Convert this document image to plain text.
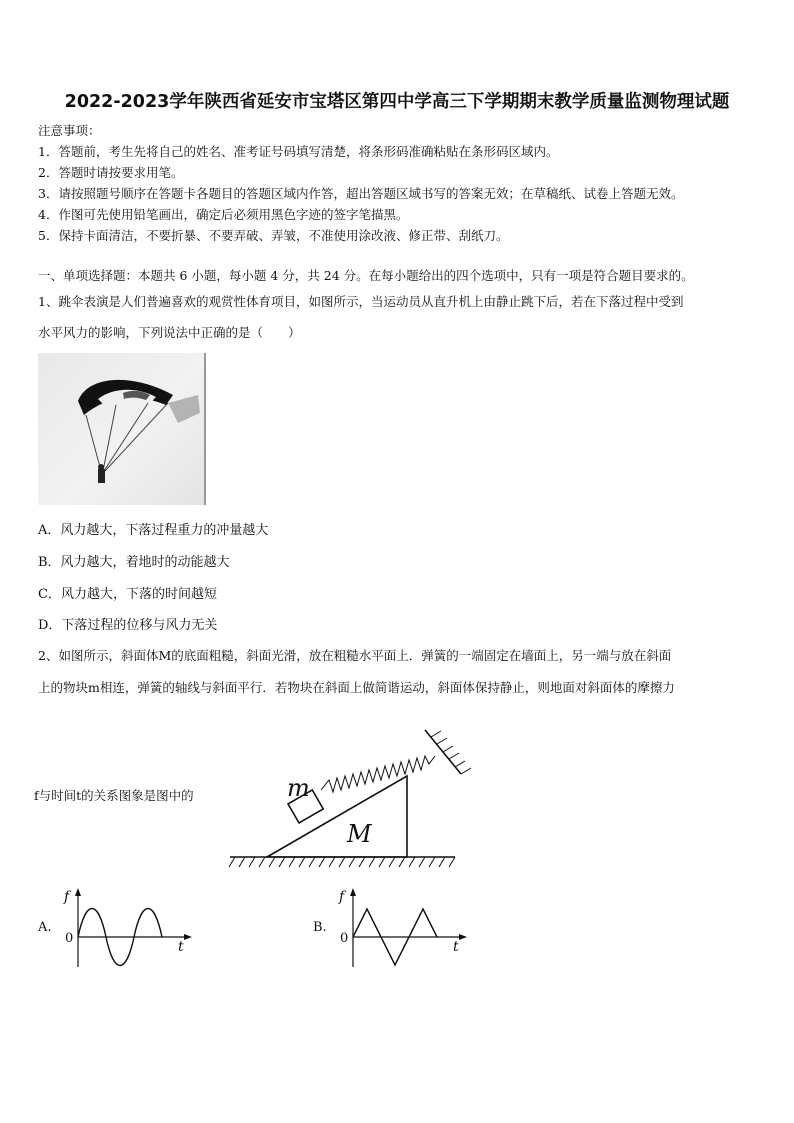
2022-2023学年陕西省延安市宝塔区第四中学高三下学期期末教学质量监测物理试题
注意事项：
1．答题前，考生先将自己的姓名、准考证号码填写清楚，将条形码准确粘贴在条形码区域内。
2．答题时请按要求用笔。
3．请按照题号顺序在答题卡各题目的答题区域内作答，超出答题区域书写的答案无效；在草稿纸、试卷上答题无效。
4．作图可先使用铅笔画出，确定后必须用黑色字迹的签字笔描黑。
5．保持卡面清洁，不要折暴、不要弄破、弄皱，不准使用涂改液、修正带、刮纸刀。
一、单项选择题：本题共 6 小题，每小题 4 分，共 24 分。在每小题给出的四个选项中，只有一项是符合题目要求的。
1、跳伞表演是人们普遍喜欢的观赏性体育项目，如图所示，当运动员从直升机上由静止跳下后，若在下落过程中受到
水平风力的影响，下列说法中正确的是（　　）
A．风力越大，下落过程重力的冲量越大
B．风力越大，着地时的动能越大
C．风力越大，下落的时间越短
D．下落过程的位移与风力无关
2、如图所示，斜面体M的底面粗糙，斜面光滑，放在粗糙水平面上．弹簧的一端固定在墙面上，另一端与放在斜面
上的物块m相连，弹簧的轴线与斜面平行．若物块在斜面上做简谐运动，斜面体保持静止，则地面对斜面体的摩擦力
f与时间t的关系图象是图中的
M
m
A.
f
0
t
B.
f
0
t
